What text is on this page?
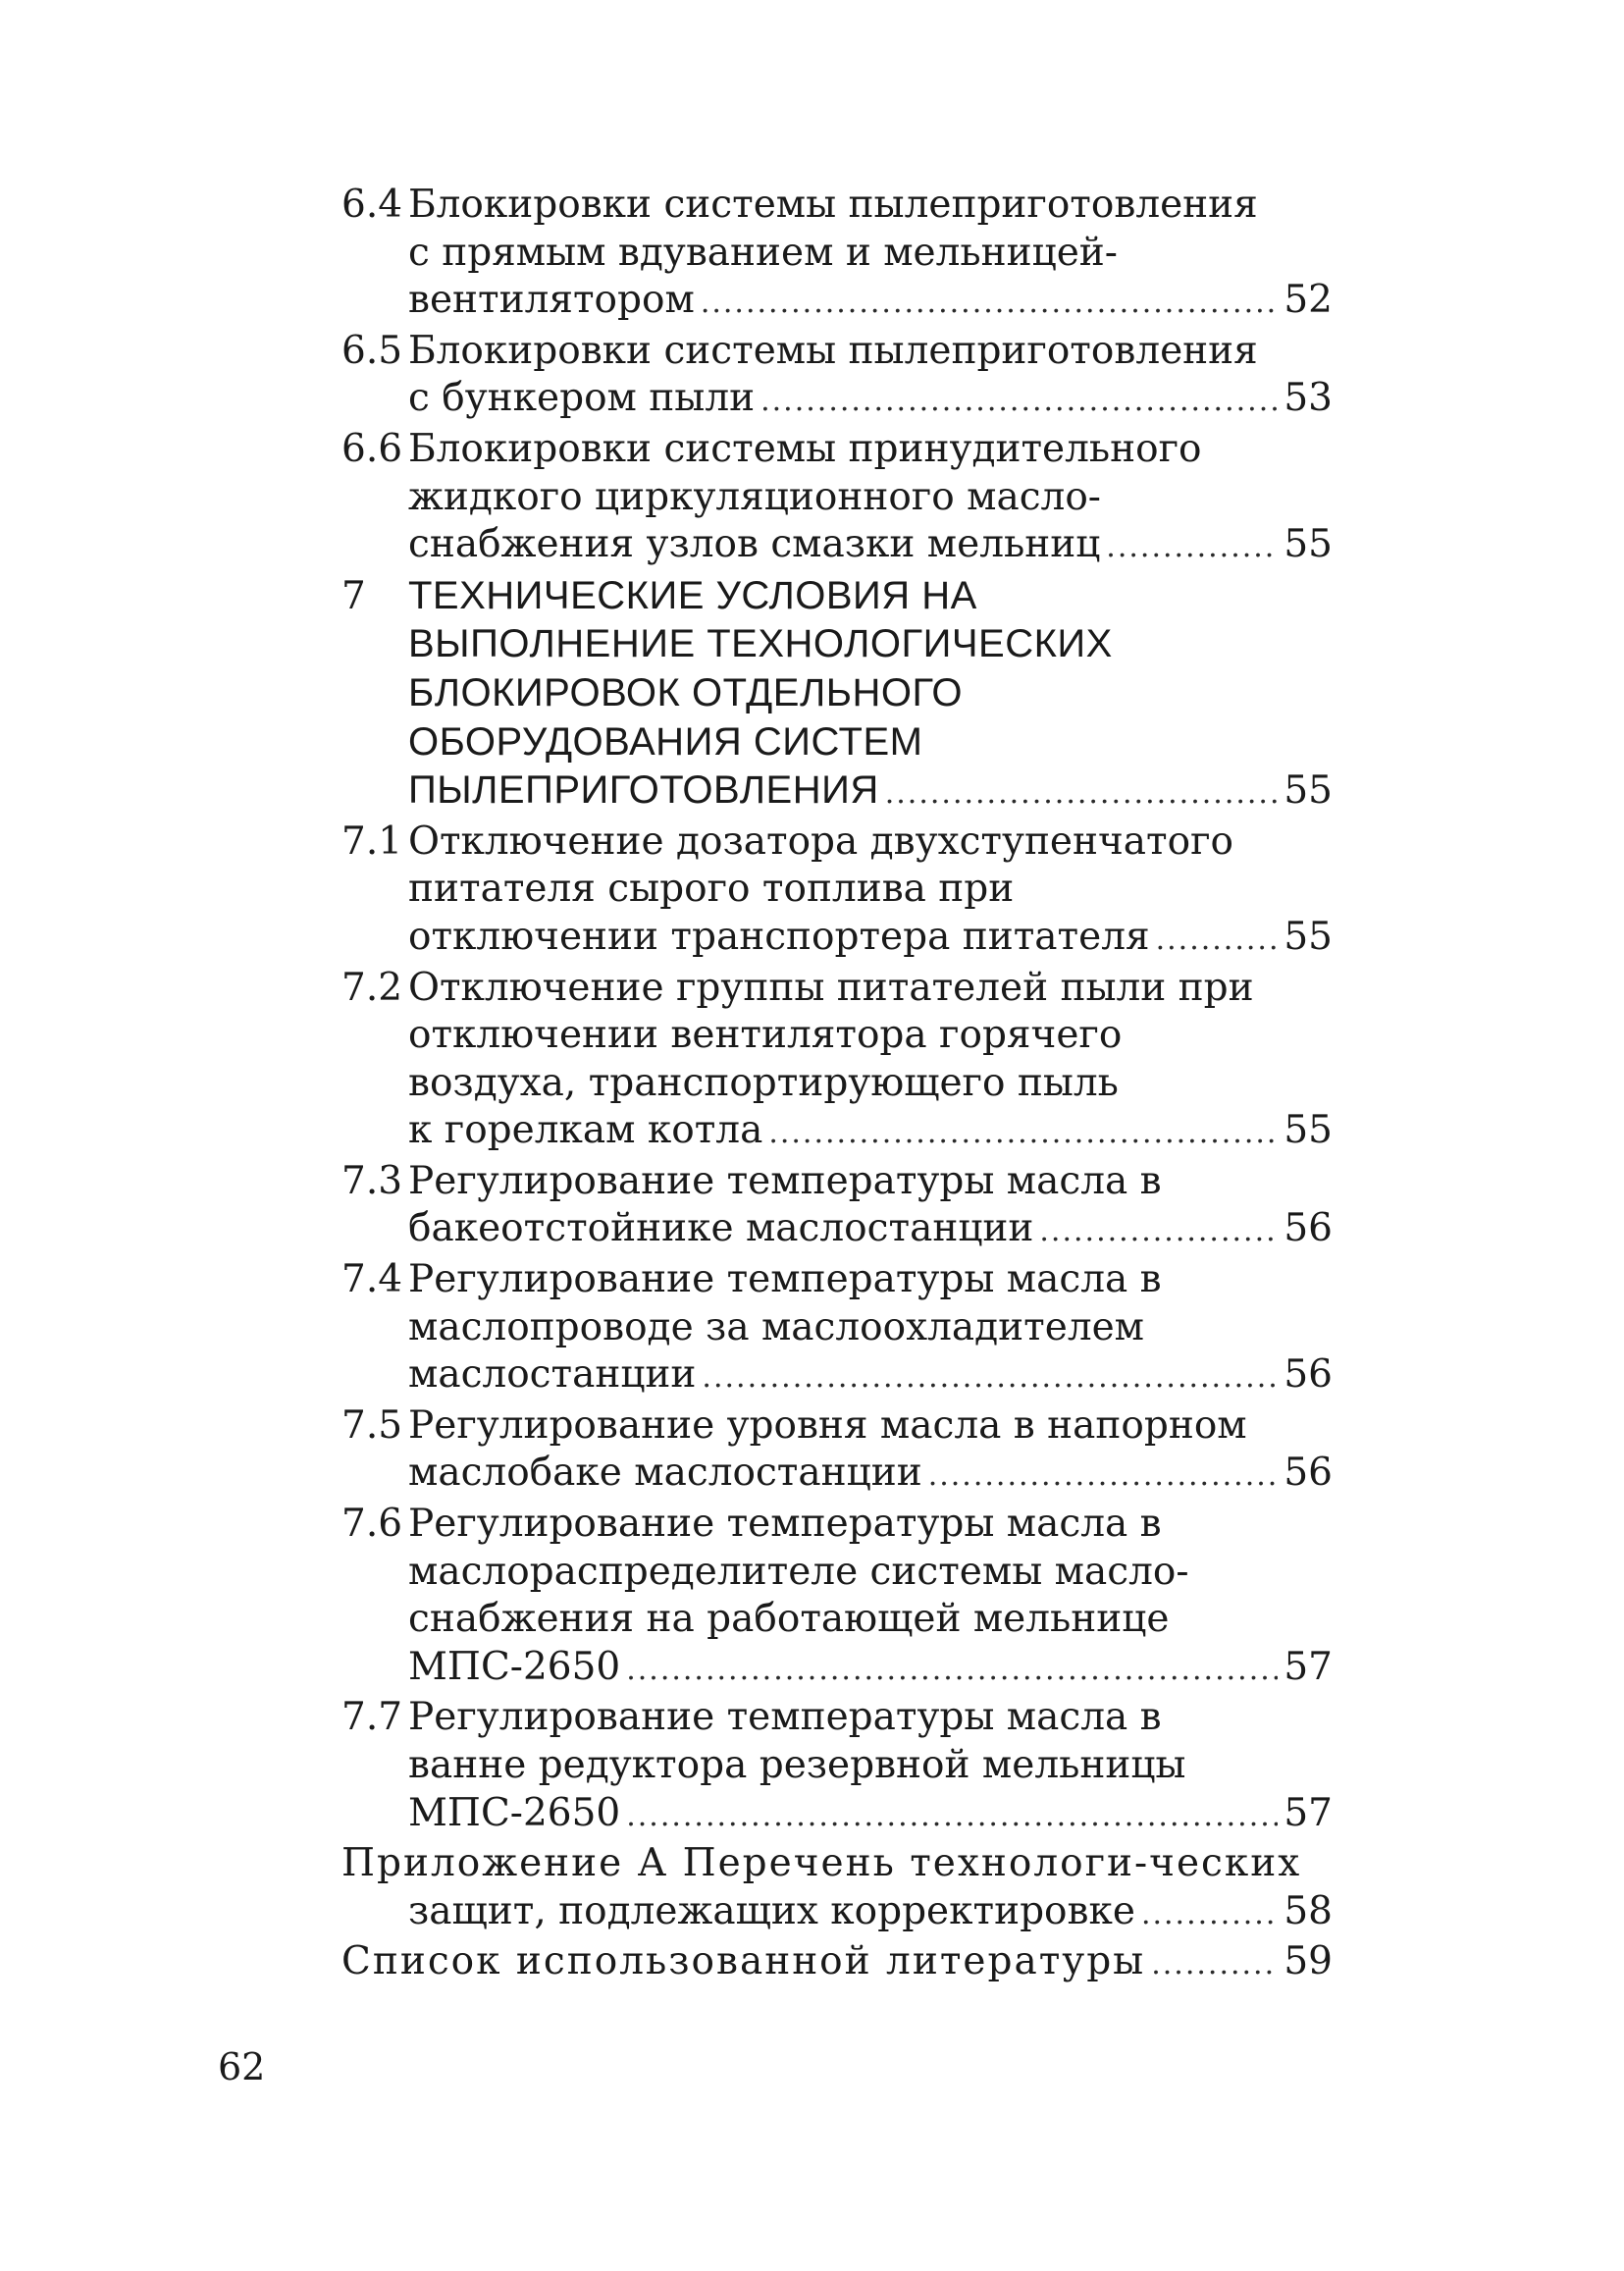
6.4 Блокировки системы пылеприготовления
с прямым вдуванием и мельницей-
вентилятором .....	52
6.5 Блокировки системы пылеприготовления
с бункером пыли .....	53
6.6 Блокировки системы принудительного
жидкого циркуляционного масло-
снабжения узлов смазки мельниц .....	55
7 ТЕХНИЧЕСКИЕ УСЛОВИЯ НА
ВЫПОЛНЕНИЕ ТЕХНОЛОГИЧЕСКИХ
БЛОКИРОВОК ОТДЕЛЬНОГО
ОБОРУДОВАНИЯ СИСТЕМ
ПЫЛЕПРИГОТОВЛЕНИЯ .....	55
7.1 Отключение дозатора двухступенчатого
питателя сырого топлива при
отключении транспортера питателя .....	55
7.2 Отключение группы питателей пыли при
отключении вентилятора горячего
воздуха, транспортирующего пыль
к горелкам котла .....	55
7.3 Регулирование температуры масла в
бакеотстойнике маслостанции .....	56
7.4 Регулирование температуры масла в
маслопроводе за маслоохладителем
маслостанции .....	56
7.5 Регулирование уровня масла в напорном
маслобаке маслостанции .....	56
7.6 Регулирование температуры масла в
маслораспределителе системы масло-
снабжения на работающей мельнице
МПС-2650 .....	57
7.7 Регулирование температуры масла в
ванне редуктора резервной мельницы
МПС-2650 .....	57
Приложение А Перечень технологи-ческих
защит, подлежащих корректировке .....	58
Список использованной литературы .....	59
62
